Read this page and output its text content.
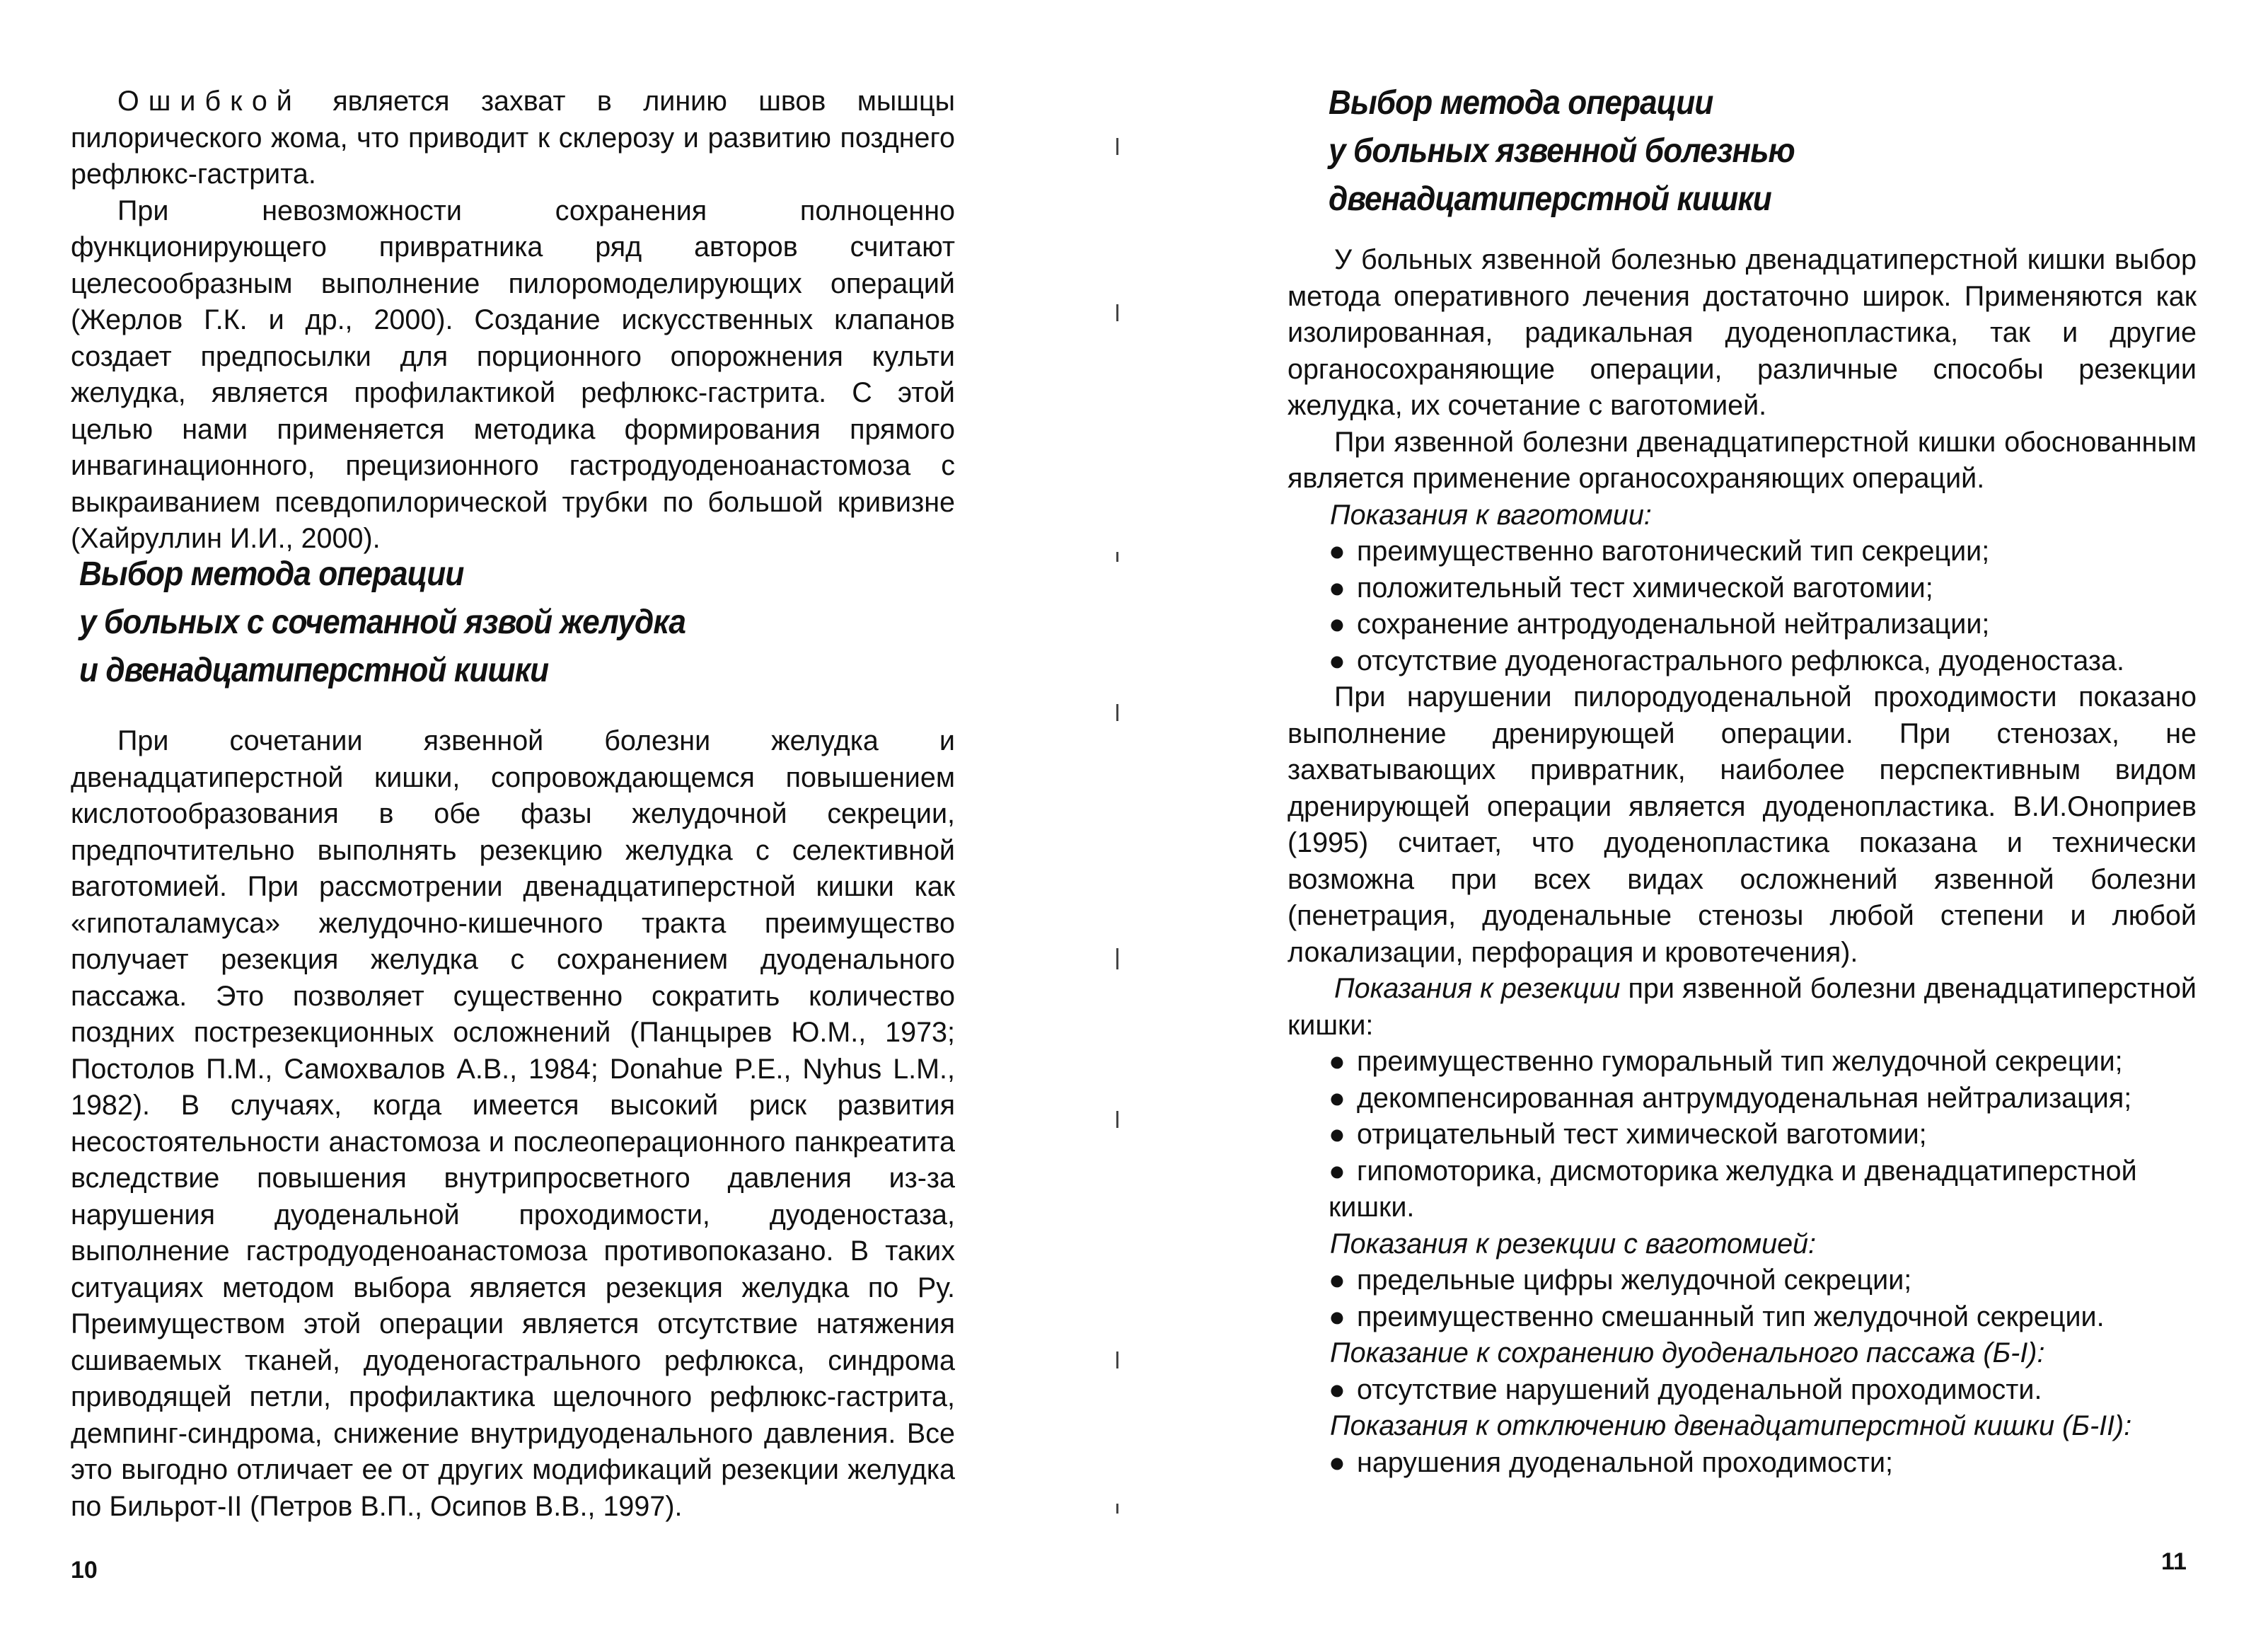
Ошибкой является захват в линию швов мышцы пилорического жома, что приводит к склерозу и развитию позднего рефлюкс-гастрита.

При невозможности сохранения полноценно функционирующего привратника ряд авторов считают целесообразным выполнение пилоромоделирующих операций (Жерлов Г.К. и др., 2000). Создание искусственных клапанов создает предпосылки для порционного опорожнения культи желудка, является профилактикой рефлюкс-гастрита. С этой целью нами применяется методика формирования прямого инвагинационного, прецизионного гастродуоденоанастомоза с выкраиванием псевдопилорической трубки по большой кривизне (Хайруллин И.И., 2000).

Выбор метода операции
у больных с сочетанной язвой желудка
и двенадцатиперстной кишки

При сочетании язвенной болезни желудка и двенадцатиперстной кишки, сопровождающемся повышением кислотообразования в обе фазы желудочной секреции, предпочтительно выполнять резекцию желудка с селективной ваготомией. При рассмотрении двенадцатиперстной кишки как «гипоталамуса» желудочно-кишечного тракта преимущество получает резекция желудка с сохранением дуоденального пассажа. Это позволяет существенно сократить количество поздних пострезекционных осложнений (Панцырев Ю.М., 1973; Постолов П.М., Самохвалов А.В., 1984; Donahue P.E., Nyhus L.M., 1982). В случаях, когда имеется высокий риск развития несостоятельности анастомоза и послеоперационного панкреатита вследствие повышения внутрипросветного давления из-за нарушения дуоденальной проходимости, дуоденостаза, выполнение гастродуоденоанастомоза противопоказано. В таких ситуациях методом выбора является резекция желудка по Ру. Преимуществом этой операции является отсутствие натяжения сшиваемых тканей, дуоденогастрального рефлюкса, синдрома приводящей петли, профилактика щелочного рефлюкс-гастрита, демпинг-синдрома, снижение внутридуоденального давления. Все это выгодно отличает ее от других модификаций резекции желудка по Бильрот-II (Петров В.П., Осипов В.В., 1997).

10
Выбор метода операции
у больных язвенной болезнью
двенадцатиперстной кишки

У больных язвенной болезнью двенадцатиперстной кишки выбор метода оперативного лечения достаточно широк. Применяются как изолированная, радикальная дуоденопластика, так и другие органосохраняющие операции, различные способы резекции желудка, их сочетание с ваготомией.

При язвенной болезни двенадцатиперстной кишки обоснованным является применение органосохраняющих операций.

Показания к ваготомии:

● преимущественно ваготонический тип секреции;

● положительный тест химической ваготомии;

● сохранение антродуоденальной нейтрализации;

● отсутствие дуоденогастрального рефлюкса, дуоденостаза.

При нарушении пилородуоденальной проходимости показано выполнение дренирующей операции. При стенозах, не захватывающих привратник, наиболее перспективным видом дренирующей операции является дуоденопластика. В.И.Оноприев (1995) считает, что дуоденопластика показана и технически возможна при всех видах осложнений язвенной болезни (пенетрация, дуоденальные стенозы любой степени и любой локализации, перфорация и кровотечения).

Показания к резекции при язвенной болезни двенадцатиперстной кишки:

● преимущественно гуморальный тип желудочной секреции;

● декомпенсированная антрумдуоденальная нейтрализация;

● отрицательный тест химической ваготомии;

● гипомоторика, дисмоторика желудка и двенадцатиперстной кишки.

Показания к резекции с ваготомией:

● предельные цифры желудочной секреции;

● преимущественно смешанный тип желудочной секреции.

Показание к сохранению дуоденального пассажа (Б-I):

● отсутствие нарушений дуоденальной проходимости.

Показания к отключению двенадцатиперстной кишки (Б-II):

● нарушения дуоденальной проходимости;

11
